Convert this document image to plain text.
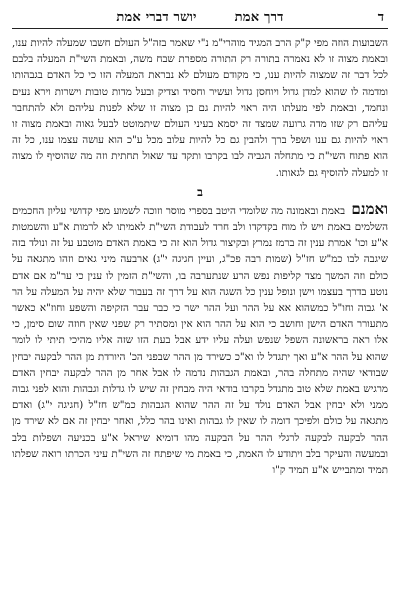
ד
דרך אמת
יושר דברי אמת

השבועות הוזה מפי ק"ק הרב המגיד מוהרי"מ נ"י שאמר בזה"ל העולם חשבו שמעלה להיות ענו, ובאמת מצוה זו לא נאמרה בתורה רק התורה מספרת שבח משה, ובאמת השי"ת המעלה בלבם לכל דבר זה שמצוה להיות ענו, כי מקודם מעולם לא נבראת המעלה הזו כי כל האדם בגבהותו ומדמה לו שהוא למדן גדול ויוחסן גדול ועשיר וחסיד וצדיק ובעל מדות טובות וישרות וירא נעים ונחמד, ובאמת לפי מעלתו היה ראוי להיות גם כן מצוה זו שלא לפנות עליהם ולא להתחבר עליהם רק שזו מדה גרועה שמצד זה יסמא בעיני העולם שיתמוטט לבעל גאוה ובאמת מצוה זו ראוי להיות גם ענו ושפל ברך ולהבין גם כל להיות עלוב מכל ע"כ הוא עושה עצמו ענו, כל זה הוא פתוח השי"ת כי מתחלה הגביה לבו בקרבו ותקד עד שאול תחתית וזה מה שהוסיף לו מצוה זו למעלה להוסיף גם לגאותו.

ב

ואמנם באמת ובאמונה מה שלומדי היטב בספרי מוסר וזוכה לשמוע מפי קדושי עליון החכמים השלמים באמת ויש לו מוח בקדקדו ולב חרד לעבודת השי"ת לאמיתו לא לרמות א"ע והשמטות א"ע וכו' אמרת ענין זה ברמז נמרץ ובקיצור גדול הוא זה כי באמת האדם מוטבע על זה ונולד בזה שיגבה לבו כמ"ש חז"ל (שמות רבה פכ"ג, ועיין חגיגה י"ג) ארבעה מיני גאים וזהו מתגאה על כולם וזה המשך מצד קליפות נפש הרע שנתערבה בו, והשי"ת הזמין לו ענין כי ער"מ אם אדם נוטע בדרך בעצמו וישן ונופל ענין כל השגה הוא על דרך זה בעבור שלא יהיה על המעלה על הר א' גבוה וחו"ל כמשהוא אא על ההר ועל ההר ישר כי כבר עבר הזקיפה והשפע וחוז"א כאשר מתעורר האדם הישן וחושב כי הוא על ההר הוא אין ומסתיר רק שפני שאין חוזה שום סימן, כי אלו ראה בראשונה השפל שנפש ועלה עליו ידע אבל בעת הזו שזה אליו מהיכי תיתי לו לומר שהוא על ההר א"ע ואך יתגדל לו וא"כ כשירד מן ההר שבפני הכ' היורדת מן ההר לבקעה יבחין שבודאי שהיה מתחלה בהר, ובאמת הגבהות נדמה לו אבל אחר מן ההר לבקעה יבחין האדם מרגיש באמת שלא טוב מתגדל בקרבו בודאי היה מבחין זה שיש לו גדלות וגבהות והוא לפני גבוה ממני ולא יבחין אבל האדם נולד על זה ההר שהוא הגבהות כמ"ש חז"ל (חגיגה י"ג) ואדם מתגאה על כולם ולפיכך דומה לו שאין לו גבהות ואינו בהר כלל, ואחר יבחין זה אם לא שירד מן ההר לבקעה לבקעה לרגלי ההר על הבקעה מהו דומיא שיראל א"ע בכניעה ושפלות בלב ובמעשה והעיקר בלב ויתודע לו האמת, כי באמת מי שיפתח זה השי"ת עיני הכרתו רואה שפלתו תמיד ומתבייש א"ע תמיד ק"ו
